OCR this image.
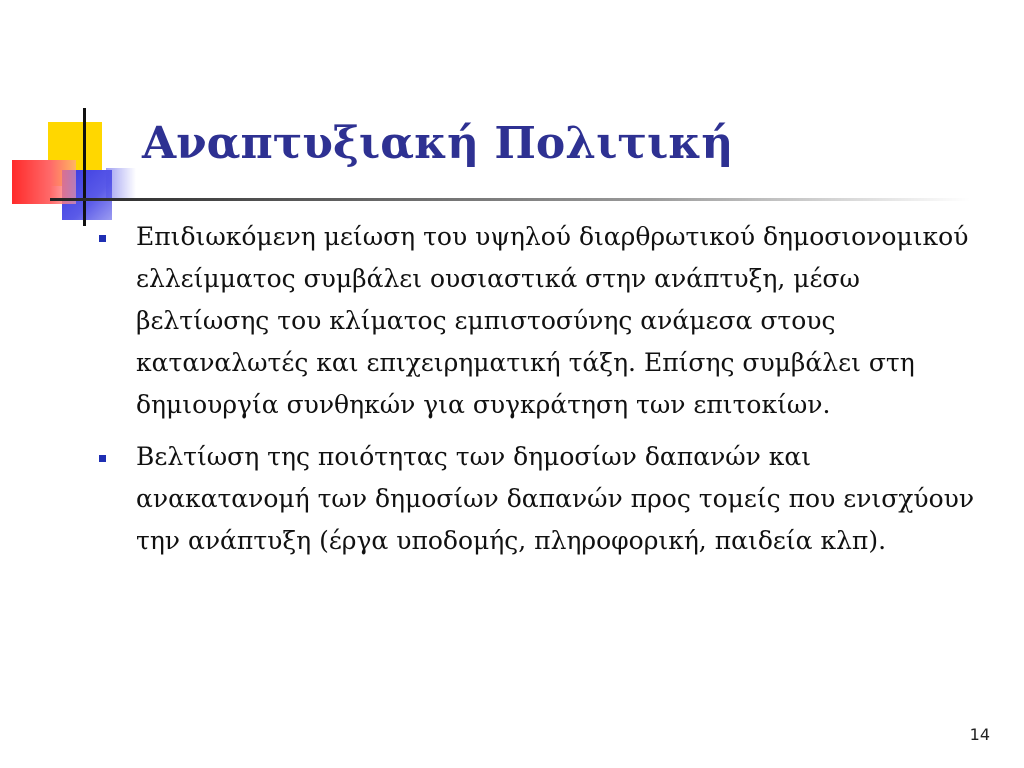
Αναπτυξιακή Πολιτική
Επιδιωκόμενη μείωση του υψηλού διαρθρωτικού δημοσιονομικού ελλείμματος συμβάλει ουσιαστικά στην ανάπτυξη, μέσω βελτίωσης του κλίματος εμπιστοσύνης ανάμεσα στους καταναλωτές και επιχειρηματική τάξη. Επίσης συμβάλει στη δημιουργία συνθηκών για συγκράτηση των επιτοκίων.
Βελτίωση της ποιότητας των δημοσίων δαπανών και ανακατανομή των δημοσίων δαπανών προς τομείς που ενισχύουν την ανάπτυξη (έργα υποδομής, πληροφορική, παιδεία κλπ).
14
